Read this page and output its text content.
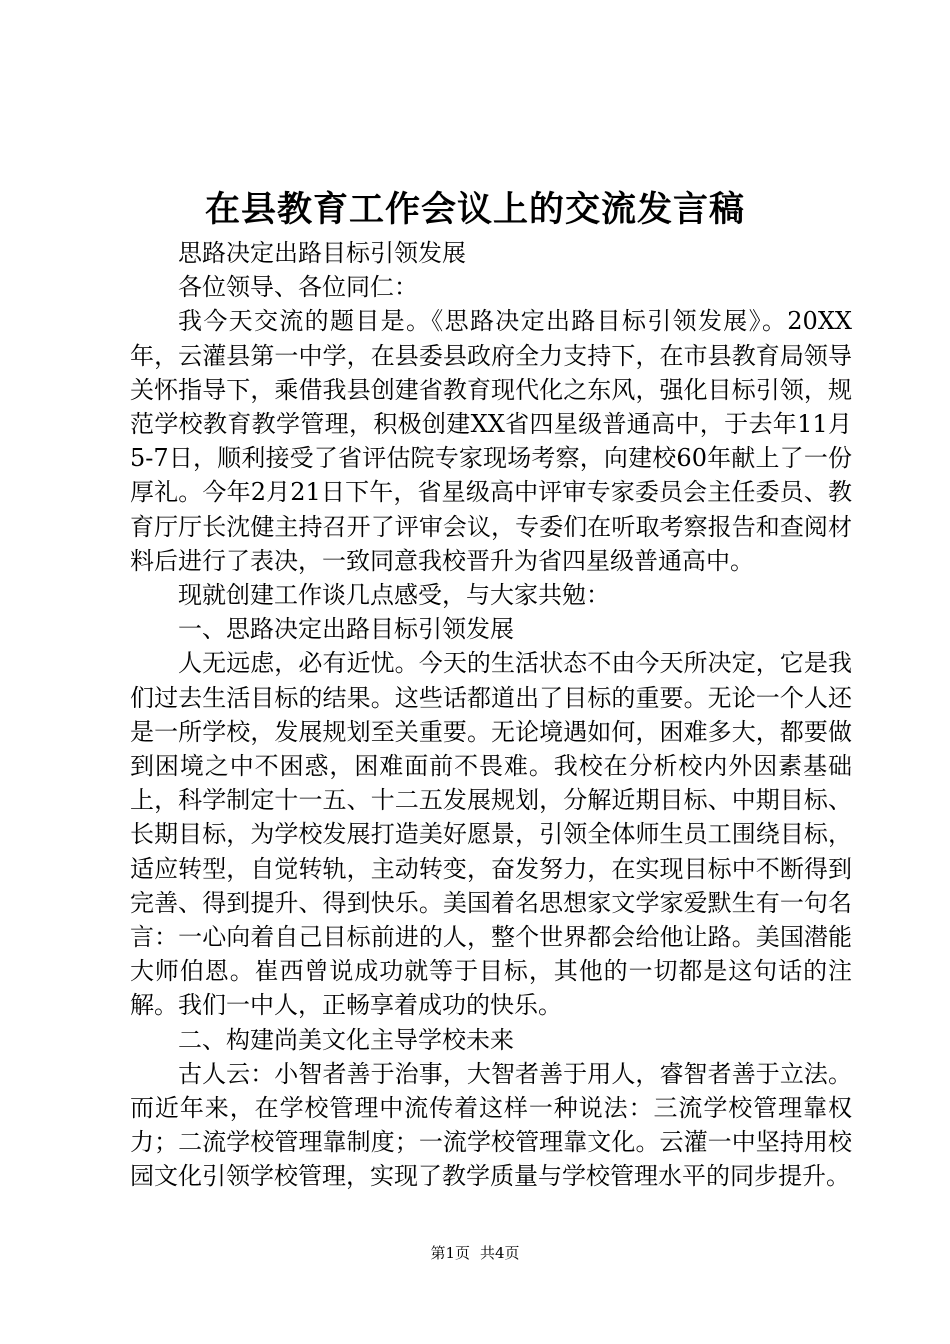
在县教育工作会议上的交流发言稿

思路决定出路目标引领发展

各位领导、各位同仁：

我今天交流的题目是。《思路决定出路目标引领发展》。20XX年，云灌县第一中学，在县委县政府全力支持下，在市县教育局领导关怀指导下，乘借我县创建省教育现代化之东风，强化目标引领，规范学校教育教学管理，积极创建XX省四星级普通高中，于去年11月5-7日，顺利接受了省评估院专家现场考察，向建校60年献上了一份厚礼。今年2月21日下午，省星级高中评审专家委员会主任委员、教育厅厅长沈健主持召开了评审会议，专委们在听取考察报告和查阅材料后进行了表决，一致同意我校晋升为省四星级普通高中。

现就创建工作谈几点感受，与大家共勉：

一、思路决定出路目标引领发展

人无远虑，必有近忧。今天的生活状态不由今天所决定，它是我们过去生活目标的结果。这些话都道出了目标的重要。无论一个人还是一所学校，发展规划至关重要。无论境遇如何，困难多大，都要做到困境之中不困惑，困难面前不畏难。我校在分析校内外因素基础上，科学制定十一五、十二五发展规划，分解近期目标、中期目标、长期目标，为学校发展打造美好愿景，引领全体师生员工围绕目标，适应转型，自觉转轨，主动转变，奋发努力，在实现目标中不断得到完善、得到提升、得到快乐。美国着名思想家文学家爱默生有一句名言：一心向着自己目标前进的人，整个世界都会给他让路。美国潜能大师伯恩。崔西曾说成功就等于目标，其他的一切都是这句话的注解。我们一中人，正畅享着成功的快乐。

二、构建尚美文化主导学校未来

古人云：小智者善于治事，大智者善于用人，睿智者善于立法。而近年来，在学校管理中流传着这样一种说法：三流学校管理靠权力；二流学校管理靠制度；一流学校管理靠文化。云灌一中坚持用校园文化引领学校管理，实现了教学质量与学校管理水平的同步提升。

第1页 共4页
